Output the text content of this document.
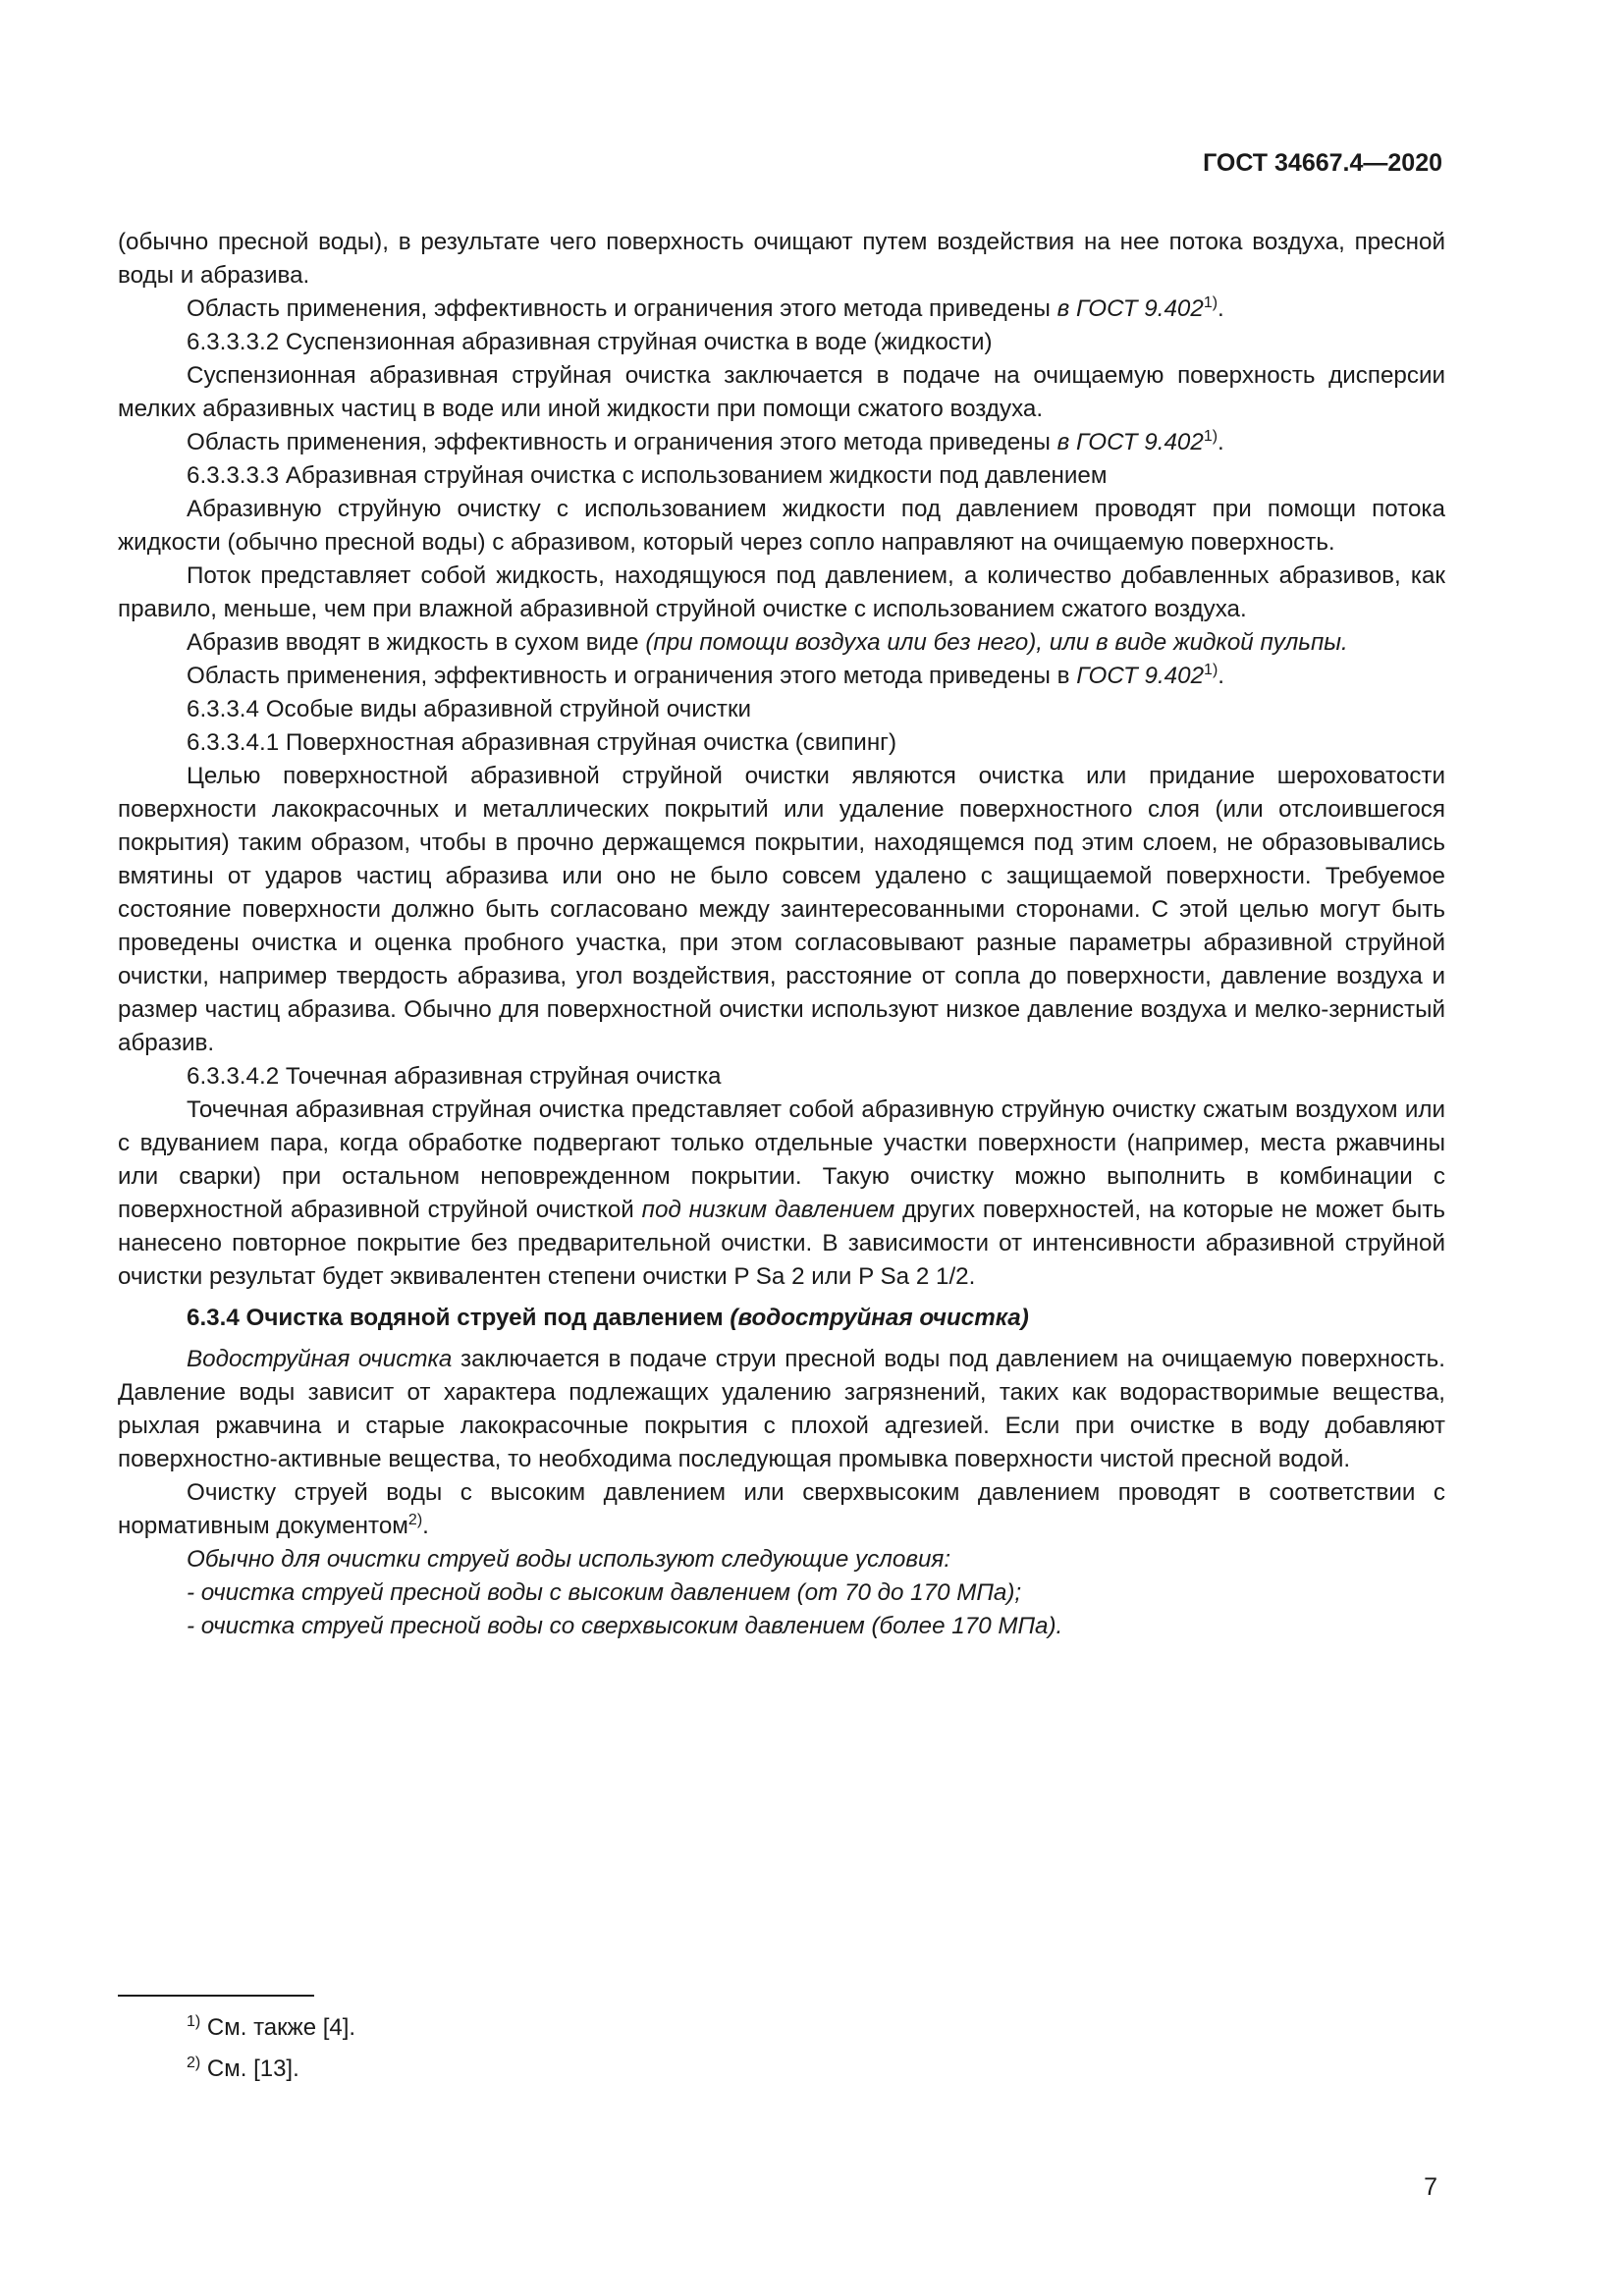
ГОСТ 34667.4—2020

(обычно пресной воды), в результате чего поверхность очищают путем воздействия на нее потока воздуха, пресной воды и абразива.

Область применения, эффективность и ограничения этого метода приведены в ГОСТ 9.402$^{1)}$.

6.3.3.3.2 Суспензионная абразивная струйная очистка в воде (жидкости)

Суспензионная абразивная струйная очистка заключается в подаче на очищаемую поверхность дисперсии мелких абразивных частиц в воде или иной жидкости при помощи сжатого воздуха.

Область применения, эффективность и ограничения этого метода приведены в ГОСТ 9.402$^{1)}$.

6.3.3.3.3 Абразивная струйная очистка с использованием жидкости под давлением

Абразивную струйную очистку с использованием жидкости под давлением проводят при помощи потока жидкости (обычно пресной воды) с абразивом, который через сопло направляют на очищаемую поверхность.

Поток представляет собой жидкость, находящуюся под давлением, а количество добавленных абразивов, как правило, меньше, чем при влажной абразивной струйной очистке с использованием сжатого воздуха.

Абразив вводят в жидкость в сухом виде (при помощи воздуха или без него), или в виде жидкой пульпы.

Область применения, эффективность и ограничения этого метода приведены в ГОСТ 9.402$^{1)}$.

6.3.3.4 Особые виды абразивной струйной очистки

6.3.3.4.1 Поверхностная абразивная струйная очистка (свипинг)

Целью поверхностной абразивной струйной очистки являются очистка или придание шероховатости поверхности лакокрасочных и металлических покрытий или удаление поверхностного слоя (или отслоившегося покрытия) таким образом, чтобы в прочно держащемся покрытии, находящемся под этим слоем, не образовывались вмятины от ударов частиц абразива или оно не было совсем удалено с защищаемой поверхности. Требуемое состояние поверхности должно быть согласовано между заинтересованными сторонами. С этой целью могут быть проведены очистка и оценка пробного участка, при этом согласовывают разные параметры абразивной струйной очистки, например твердость абразива, угол воздействия, расстояние от сопла до поверхности, давление воздуха и размер частиц абразива. Обычно для поверхностной очистки используют низкое давление воздуха и мелко-зернистый абразив.

6.3.3.4.2 Точечная абразивная струйная очистка

Точечная абразивная струйная очистка представляет собой абразивную струйную очистку сжатым воздухом или с вдуванием пара, когда обработке подвергают только отдельные участки поверхности (например, места ржавчины или сварки) при остальном неповрежденном покрытии. Такую очистку можно выполнить в комбинации с поверхностной абразивной струйной очисткой под низким давлением других поверхностей, на которые не может быть нанесено повторное покрытие без предварительной очистки. В зависимости от интенсивности абразивной струйной очистки результат будет эквивалентен степени очистки P Sa 2 или P Sa 2 1/2.

6.3.4 Очистка водяной струей под давлением (водоструйная очистка)

Водоструйная очистка заключается в подаче струи пресной воды под давлением на очищаемую поверхность. Давление воды зависит от характера подлежащих удалению загрязнений, таких как водорастворимые вещества, рыхлая ржавчина и старые лакокрасочные покрытия с плохой адгезией. Если при очистке в воду добавляют поверхностно-активные вещества, то необходима последующая промывка поверхности чистой пресной водой.

Очистку струей воды с высоким давлением или сверхвысоким давлением проводят в соответствии с нормативным документом$^{2)}$.

Обычно для очистки струей воды используют следующие условия:

- очистка струей пресной воды с высоким давлением (от 70 до 170 МПа);

- очистка струей пресной воды со сверхвысоким давлением (более 170 МПа).

$^{1)}$ См. также [4].
$^{2)}$ См. [13].
7
